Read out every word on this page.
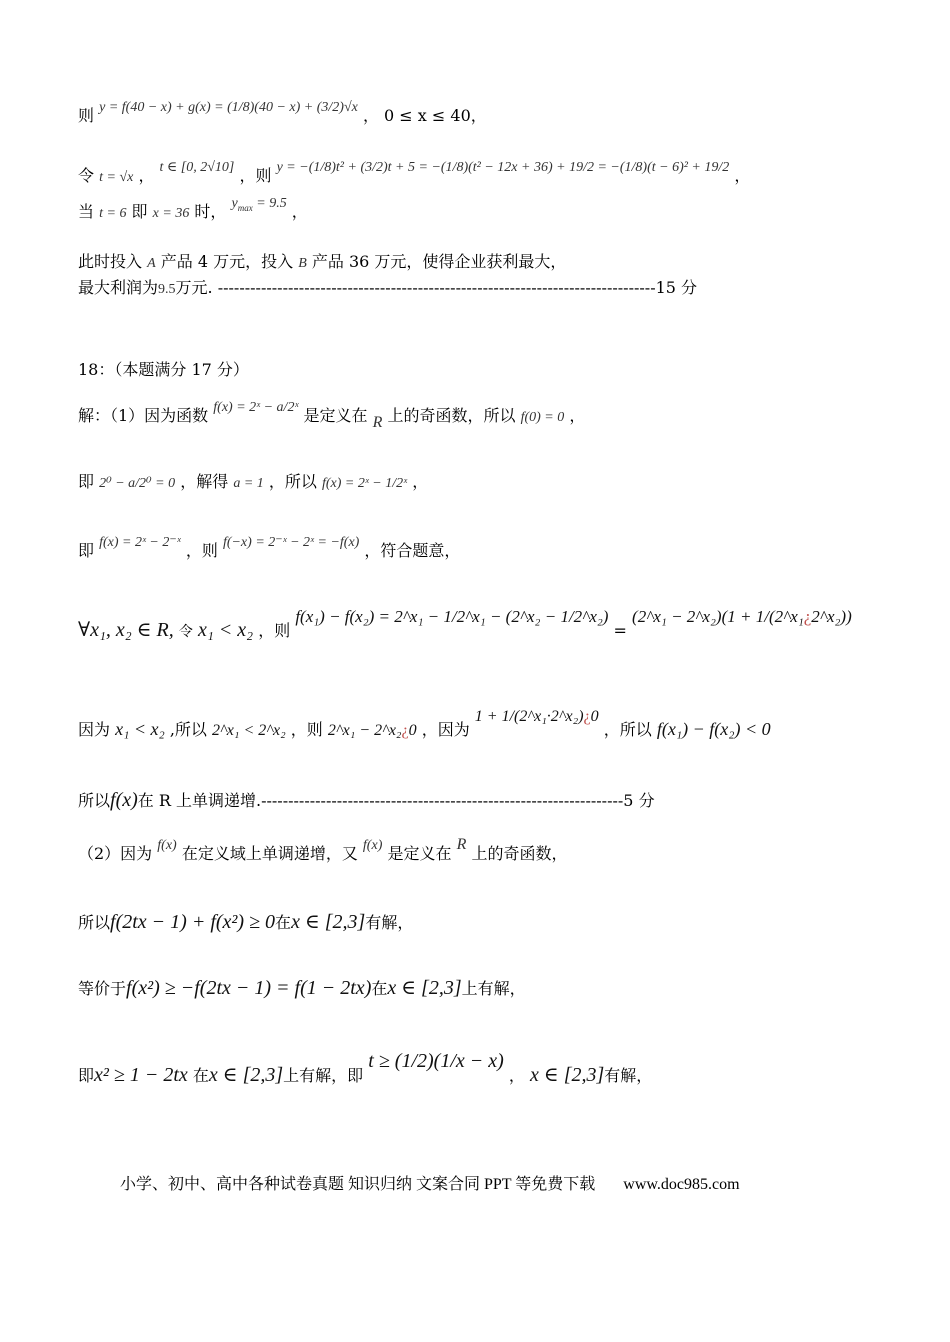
则 y = f(40 − x) + g(x) = (1/8)(40 − x) + (3/2)√x ， 0 ≤ x ≤ 40，
令 t = √x ， t ∈ [0, 2√10] ，则 y = −(1/8)t² + (3/2)t + 5 = −(1/8)(t² − 12x + 36) + 19/2 = −(1/8)(t − 6)² + 19/2 ，
当 t = 6 即 x = 36 时， $y_{max} = 9.5$ ，
此时投入 A 产品 4 万元，投入 B 产品 36 万元，使得企业获利最大，
最大利润为9.5万元. ---------------------------------------------------------------------------------15 分
18：（本题满分 17 分）
解：（1）因为函数 f(x) = 2ˣ − a/2ˣ 是定义在 R 上的奇函数，所以 f(0) = 0 ，
即 2⁰ − a/2⁰ = 0 ，解得 a = 1 ，所以 f(x) = 2ˣ − 1/2ˣ ，
即 f(x) = 2ˣ − 2⁻ˣ ，则 f(−x) = 2⁻ˣ − 2ˣ = −f(x) ，符合题意，
∀x₁, x₂ ∈ R, 令 x₁ < x₂ ，则 f(x₁) − f(x₂) = 2^x₁ − 1/2^x₁ − (2^x₂ − 1/2^x₂) = (2^x₁ − 2^x₂)(1 + 1/(2^x₁¿2^x₂))
因为 x₁ < x₂ ,所以 2^x₁ < 2^x₂ ，则 2^x₁ − 2^x₂¿0 ，因为 1 + 1/(2^x₁·2^x₂)¿0 ，所以 f(x₁) − f(x₂) < 0
所以f(x)在 R 上单调递增.-------------------------------------------------------------------5 分
（2）因为 f(x) 在定义域上单调递增，又 f(x) 是定义在 R 上的奇函数，
所以f(2tx − 1) + f(x²) ≥ 0在x ∈ [2,3]有解，
等价于f(x²) ≥ −f(2tx − 1) = f(1 − 2tx)在x ∈ [2,3]上有解，
即x² ≥ 1 − 2tx 在x ∈ [2,3]上有解，即 t ≥ (1/2)(1/x − x) ， x ∈ [2,3]有解，
小学、初中、高中各种试卷真题 知识归纳 文案合同 PPT 等免费下载 www.doc985.com
